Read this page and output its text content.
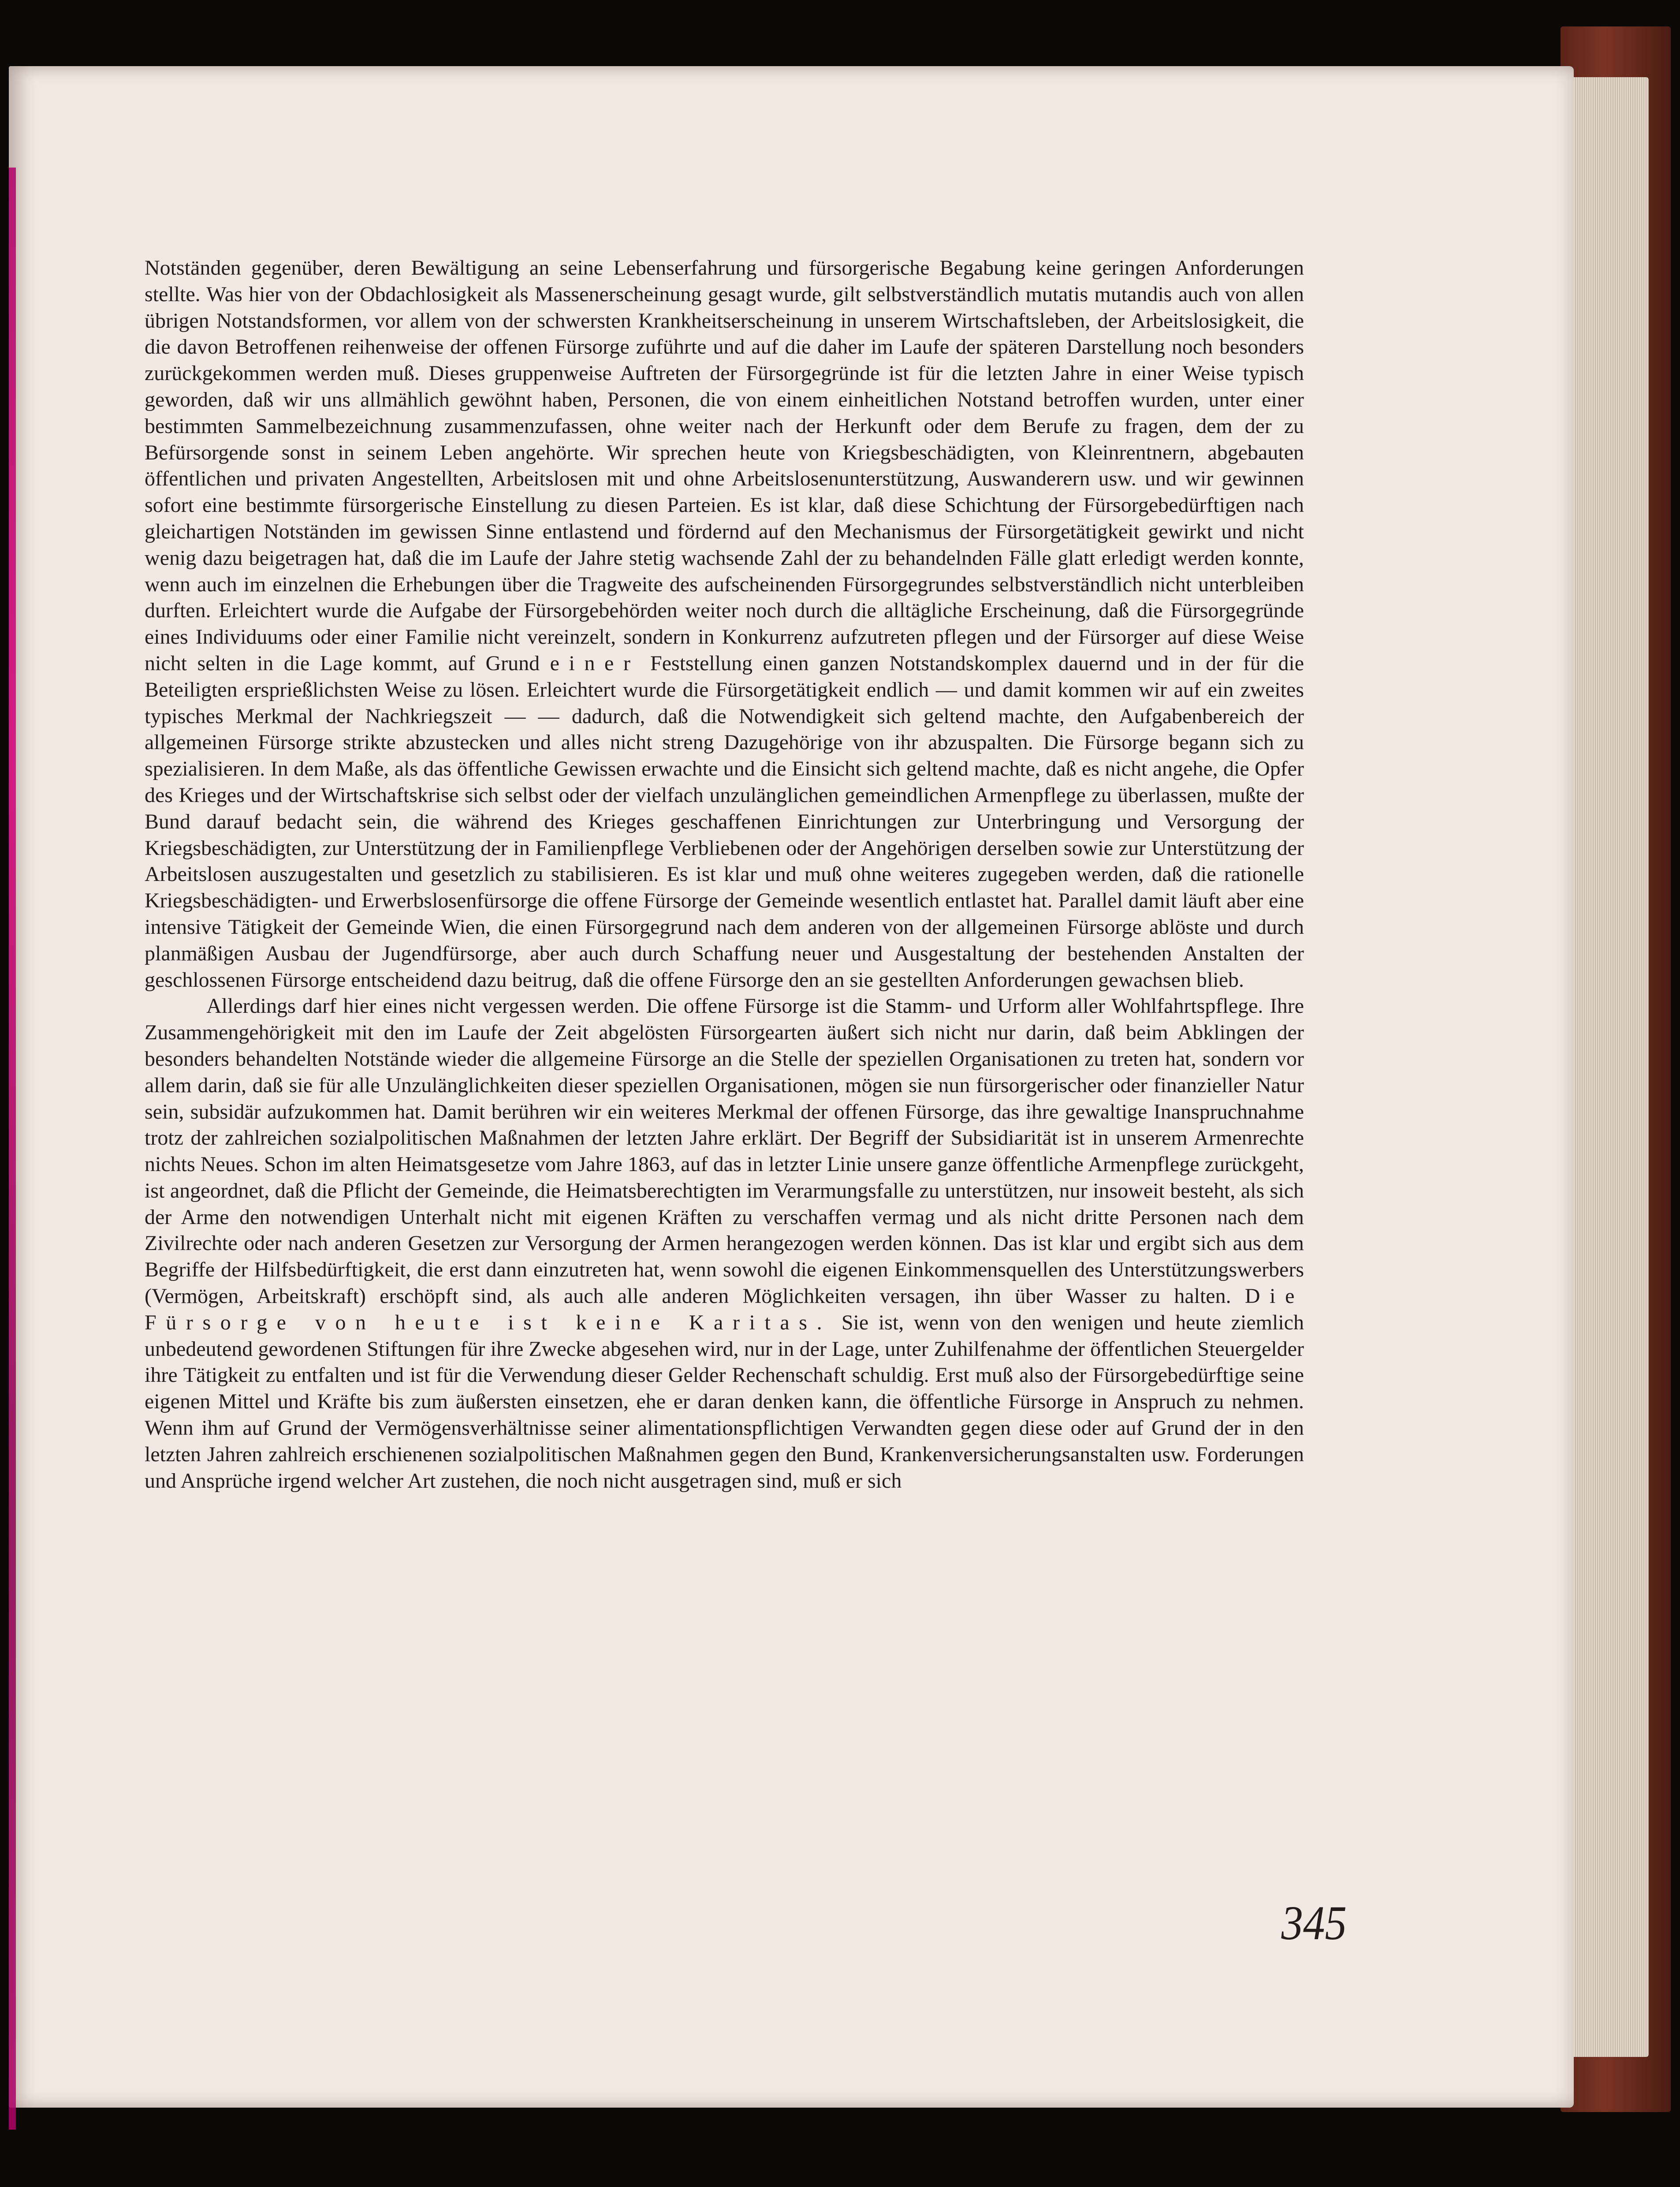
Notständen gegenüber, deren Bewältigung an seine Lebenserfahrung und fürsorgerische Begabung keine geringen Anforderungen stellte. Was hier von der Obdachlosigkeit als Massenerscheinung gesagt wurde, gilt selbstverständlich mutatis mutandis auch von allen übrigen Notstandsformen, vor allem von der schwersten Krankheitserscheinung in unserem Wirtschaftsleben, der Arbeitslosigkeit, die die davon Betroffenen reihenweise der offenen Fürsorge zuführte und auf die daher im Laufe der späteren Darstellung noch besonders zurückgekommen werden muß. Dieses gruppenweise Auftreten der Fürsorgegründe ist für die letzten Jahre in einer Weise typisch geworden, daß wir uns allmählich gewöhnt haben, Personen, die von einem einheitlichen Notstand betroffen wurden, unter einer bestimmten Sammelbezeichnung zusammenzufassen, ohne weiter nach der Herkunft oder dem Berufe zu fragen, dem der zu Befürsorgende sonst in seinem Leben angehörte. Wir sprechen heute von Kriegsbeschädigten, von Kleinrentnern, abgebauten öffentlichen und privaten Angestellten, Arbeitslosen mit und ohne Arbeitslosenunterstützung, Auswanderern usw. und wir gewinnen sofort eine bestimmte fürsorgerische Einstellung zu diesen Parteien. Es ist klar, daß diese Schichtung der Fürsorgebedürftigen nach gleichartigen Notständen im gewissen Sinne entlastend und fördernd auf den Mechanismus der Fürsorgetätigkeit gewirkt und nicht wenig dazu beigetragen hat, daß die im Laufe der Jahre stetig wachsende Zahl der zu behandelnden Fälle glatt erledigt werden konnte, wenn auch im einzelnen die Erhebungen über die Tragweite des aufscheinenden Fürsorgegrundes selbstverständlich nicht unterbleiben durften. Erleichtert wurde die Aufgabe der Fürsorgebehörden weiter noch durch die alltägliche Erscheinung, daß die Fürsorgegründe eines Individuums oder einer Familie nicht vereinzelt, sondern in Konkurrenz aufzutreten pflegen und der Fürsorger auf diese Weise nicht selten in die Lage kommt, auf Grund einer Feststellung einen ganzen Notstandskomplex dauernd und in der für die Beteiligten ersprießlichsten Weise zu lösen. Erleichtert wurde die Fürsorgetätigkeit endlich — und damit kommen wir auf ein zweites typisches Merkmal der Nachkriegszeit — — dadurch, daß die Notwendigkeit sich geltend machte, den Aufgabenbereich der allgemeinen Fürsorge strikte abzustecken und alles nicht streng Dazugehörige von ihr abzuspalten. Die Fürsorge begann sich zu spezialisieren. In dem Maße, als das öffentliche Gewissen erwachte und die Einsicht sich geltend machte, daß es nicht angehe, die Opfer des Krieges und der Wirtschaftskrise sich selbst oder der vielfach unzulänglichen gemeindlichen Armenpflege zu überlassen, mußte der Bund darauf bedacht sein, die während des Krieges geschaffenen Einrichtungen zur Unterbringung und Versorgung der Kriegsbeschädigten, zur Unterstützung der in Familienpflege Verbliebenen oder der Angehörigen derselben sowie zur Unterstützung der Arbeitslosen auszugestalten und gesetzlich zu stabilisieren. Es ist klar und muß ohne weiteres zugegeben werden, daß die rationelle Kriegsbeschädigten- und Erwerbslosenfürsorge die offene Fürsorge der Gemeinde wesentlich entlastet hat. Parallel damit läuft aber eine intensive Tätigkeit der Gemeinde Wien, die einen Fürsorgegrund nach dem anderen von der allgemeinen Fürsorge ablöste und durch planmäßigen Ausbau der Jugendfürsorge, aber auch durch Schaffung neuer und Ausgestaltung der bestehenden Anstalten der geschlossenen Fürsorge entscheidend dazu beitrug, daß die offene Fürsorge den an sie gestellten Anforderungen gewachsen blieb.

Allerdings darf hier eines nicht vergessen werden. Die offene Fürsorge ist die Stamm- und Urform aller Wohlfahrtspflege. Ihre Zusammengehörigkeit mit den im Laufe der Zeit abgelösten Fürsorgearten äußert sich nicht nur darin, daß beim Abklingen der besonders behandelten Notstände wieder die allgemeine Fürsorge an die Stelle der speziellen Organisationen zu treten hat, sondern vor allem darin, daß sie für alle Unzulänglichkeiten dieser speziellen Organisationen, mögen sie nun fürsorgerischer oder finanzieller Natur sein, subsidär aufzukommen hat. Damit berühren wir ein weiteres Merkmal der offenen Fürsorge, das ihre gewaltige Inanspruchnahme trotz der zahlreichen sozialpolitischen Maßnahmen der letzten Jahre erklärt. Der Begriff der Subsidiarität ist in unserem Armenrechte nichts Neues. Schon im alten Heimatsgesetze vom Jahre 1863, auf das in letzter Linie unsere ganze öffentliche Armenpflege zurückgeht, ist angeordnet, daß die Pflicht der Gemeinde, die Heimatsberechtigten im Verarmungsfalle zu unterstützen, nur insoweit besteht, als sich der Arme den notwendigen Unterhalt nicht mit eigenen Kräften zu verschaffen vermag und als nicht dritte Personen nach dem Zivilrechte oder nach anderen Gesetzen zur Versorgung der Armen herangezogen werden können. Das ist klar und ergibt sich aus dem Begriffe der Hilfsbedürftigkeit, die erst dann einzutreten hat, wenn sowohl die eigenen Einkommensquellen des Unterstützungswerbers (Vermögen, Arbeitskraft) erschöpft sind, als auch alle anderen Möglichkeiten versagen, ihn über Wasser zu halten. Die Fürsorge von heute ist keine Karitas. Sie ist, wenn von den wenigen und heute ziemlich unbedeutend gewordenen Stiftungen für ihre Zwecke abgesehen wird, nur in der Lage, unter Zuhilfenahme der öffentlichen Steuergelder ihre Tätigkeit zu entfalten und ist für die Verwendung dieser Gelder Rechenschaft schuldig. Erst muß also der Fürsorgebedürftige seine eigenen Mittel und Kräfte bis zum äußersten einsetzen, ehe er daran denken kann, die öffentliche Fürsorge in Anspruch zu nehmen. Wenn ihm auf Grund der Vermögensverhältnisse seiner alimentationspflichtigen Verwandten gegen diese oder auf Grund der in den letzten Jahren zahlreich erschienenen sozialpolitischen Maßnahmen gegen den Bund, Krankenversicherungsanstalten usw. Forderungen und Ansprüche irgend welcher Art zustehen, die noch nicht ausgetragen sind, muß er sich

345
